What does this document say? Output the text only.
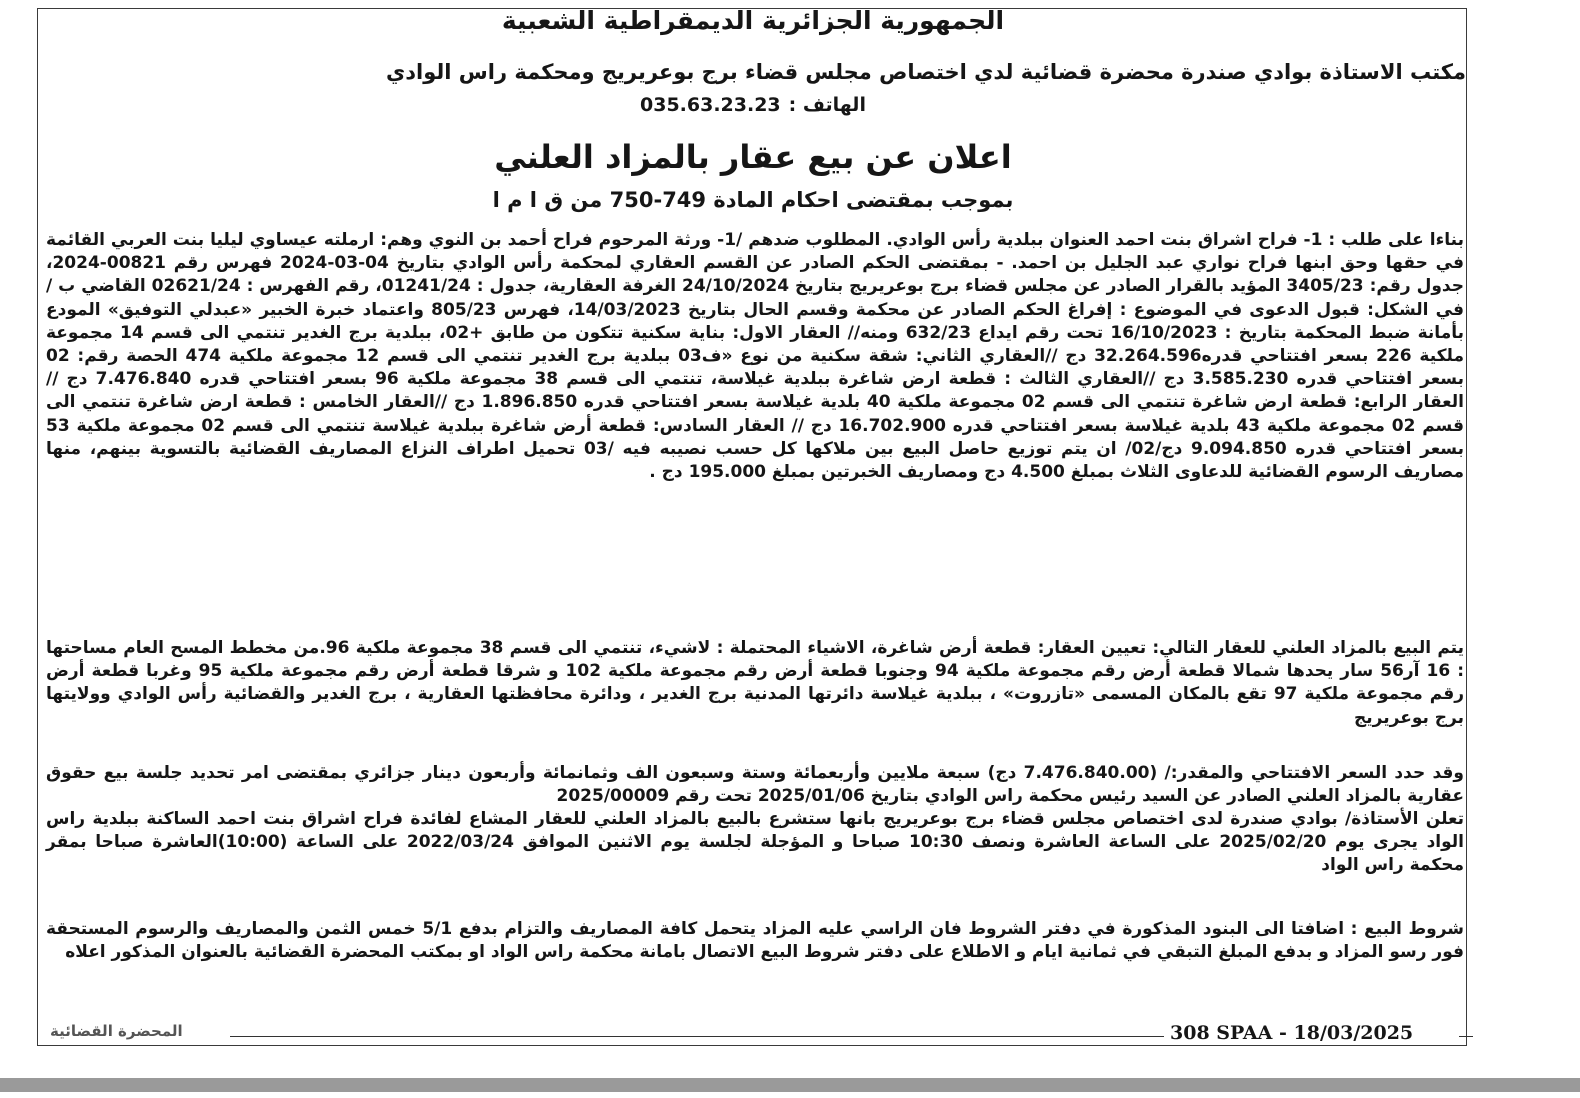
الجمهورية الجزائرية الديمقراطية الشعبية
مكتب الاستاذة بوادي صندرة محضرة قضائية لدي اختصاص مجلس قضاء برج بوعريريج ومحكمة راس الوادي
الهاتف :035.63.23.23
اعلان عن بيع عقار بالمزاد العلني
بموجب بمقتضى احكام المادة 749-750 من ق ا م ا
بناءا على طلب : 1- فراح اشراق بنت احمد العنوان ببلدية رأس الوادي. المطلوب ضدهم /1- ورثة المرحوم فراح أحمد بن النوي وهم: ارملته عيساوي ليليا بنت العربي القائمة في حقها وحق ابنها فراح نواري عبد الجليل بن احمد. - بمقتضى الحكم الصادر عن القسم العقاري لمحكمة رأس الوادي بتاريخ 04-03-2024 فهرس رقم 00821-2024، جدول رقم: 3405/23 المؤيد بالقرار الصادر عن مجلس قضاء برج بوعريريج بتاريخ 24/10/2024 الغرفة العقارية، جدول : 01241/24، رقم الفهرس : 02621/24 القاضي ب / في الشكل: قبول الدعوى في الموضوع : إفراغ الحكم الصادر عن محكمة وقسم الحال بتاريخ 14/03/2023، فهرس 805/23 واعتماد خبرة الخبير «عبدلي التوفيق» المودع بأمانة ضبط المحكمة بتاريخ : 16/10/2023 تحت رقم ايداع 632/23 ومنه// العقار الاول: بناية سكنية تتكون من طابق +02، ببلدية برج الغدير تنتمي الى قسم 14 مجموعة ملكية 226 بسعر افتتاحي قدره32.264.596 دج //العقاري الثاني: شقة سكنية من نوع «ف03 ببلدية برج الغدير تنتمي الى قسم 12 مجموعة ملكية 474 الحصة رقم: 02 بسعر افتتاحي قدره 3.585.230 دج //العقاري الثالث : قطعة ارض شاغرة ببلدية غيلاسة، تنتمي الى قسم 38 مجموعة ملكية 96 بسعر افتتاحي قدره 7.476.840 دج // العقار الرابع: قطعة ارض شاغرة تنتمي الى قسم 02 مجموعة ملكية 40 بلدية غيلاسة بسعر افتتاحي قدره 1.896.850 دج //العقار الخامس : قطعة ارض شاغرة تنتمي الى قسم 02 مجموعة ملكية 43 بلدية غيلاسة بسعر افتتاحي قدره 16.702.900 دج // العقار السادس: قطعة أرض شاغرة ببلدية غيلاسة تنتمي الى قسم 02 مجموعة ملكية 53 بسعر افتتاحي قدره 9.094.850 دج/02/ ان يتم توزيع حاصل البيع بين ملاكها كل حسب نصيبه فيه /03 تحميل اطراف النزاع المصاريف القضائية بالتسوية بينهم، منها مصاريف الرسوم القضائية للدعاوى الثلاث بمبلغ 4.500 دج ومصاريف الخبرتين بمبلغ 195.000 دج .
يتم البيع بالمزاد العلني للعقار التالي: تعيين العقار: قطعة أرض شاغرة، الاشياء المحتملة : لاشيء، تنتمي الى قسم 38 مجموعة ملكية 96.من مخطط المسح العام مساحتها : 16 آر56 سار يحدها شمالا قطعة أرض رقم مجموعة ملكية 94 وجنوبا قطعة أرض رقم مجموعة ملكية 102 و شرقا قطعة أرض رقم مجموعة ملكية 95 وغربا قطعة أرض رقم مجموعة ملكية 97 تقع بالمكان المسمى «تازروت» ، ببلدية غيلاسة دائرتها المدنية برج الغدير ، ودائرة محافظتها العقارية ، برج الغدير والقضائية رأس الوادي وولايتها برج بوعريريج
وقد حدد السعر الافتتاحي والمقدر:/ (7.476.840.00 دج) سبعة ملايين وأربعمائة وستة وسبعون الف وثمانمائة وأربعون دينار جزائري بمقتضى امر تحديد جلسة بيع حقوق عقارية بالمزاد العلني الصادر عن السيد رئيس محكمة راس الوادي بتاريخ 2025/01/06 تحت رقم 2025/00009
تعلن الأستاذة/ بوادي صندرة لدى اختصاص مجلس قضاء برج بوعريريج بانها ستشرع بالبيع بالمزاد العلني للعقار المشاع لفائدة فراح اشراق بنت احمد الساكنة ببلدية راس الواد يجرى يوم 2025/02/20 على الساعة العاشرة ونصف 10:30 صباحا و المؤجلة لجلسة يوم الاثنين الموافق 2022/03/24 على الساعة (10:00)العاشرة صباحا بمقر محكمة راس الواد
شروط البيع : اضافتا الى البنود المذكورة في دفتر الشروط فان الراسي عليه المزاد يتحمل كافة المصاريف والتزام بدفع 5/1 خمس الثمن والمصاريف والرسوم المستحقة فور رسو المزاد و بدفع المبلغ التبقي في ثمانية ايام و الاطلاع على دفتر شروط البيع الاتصال بامانة محكمة راس الواد او بمكتب المحضرة القضائية بالعنوان المذكور اعلاه
المحضرة القضائية	308 SPAA - 18/03/2025
